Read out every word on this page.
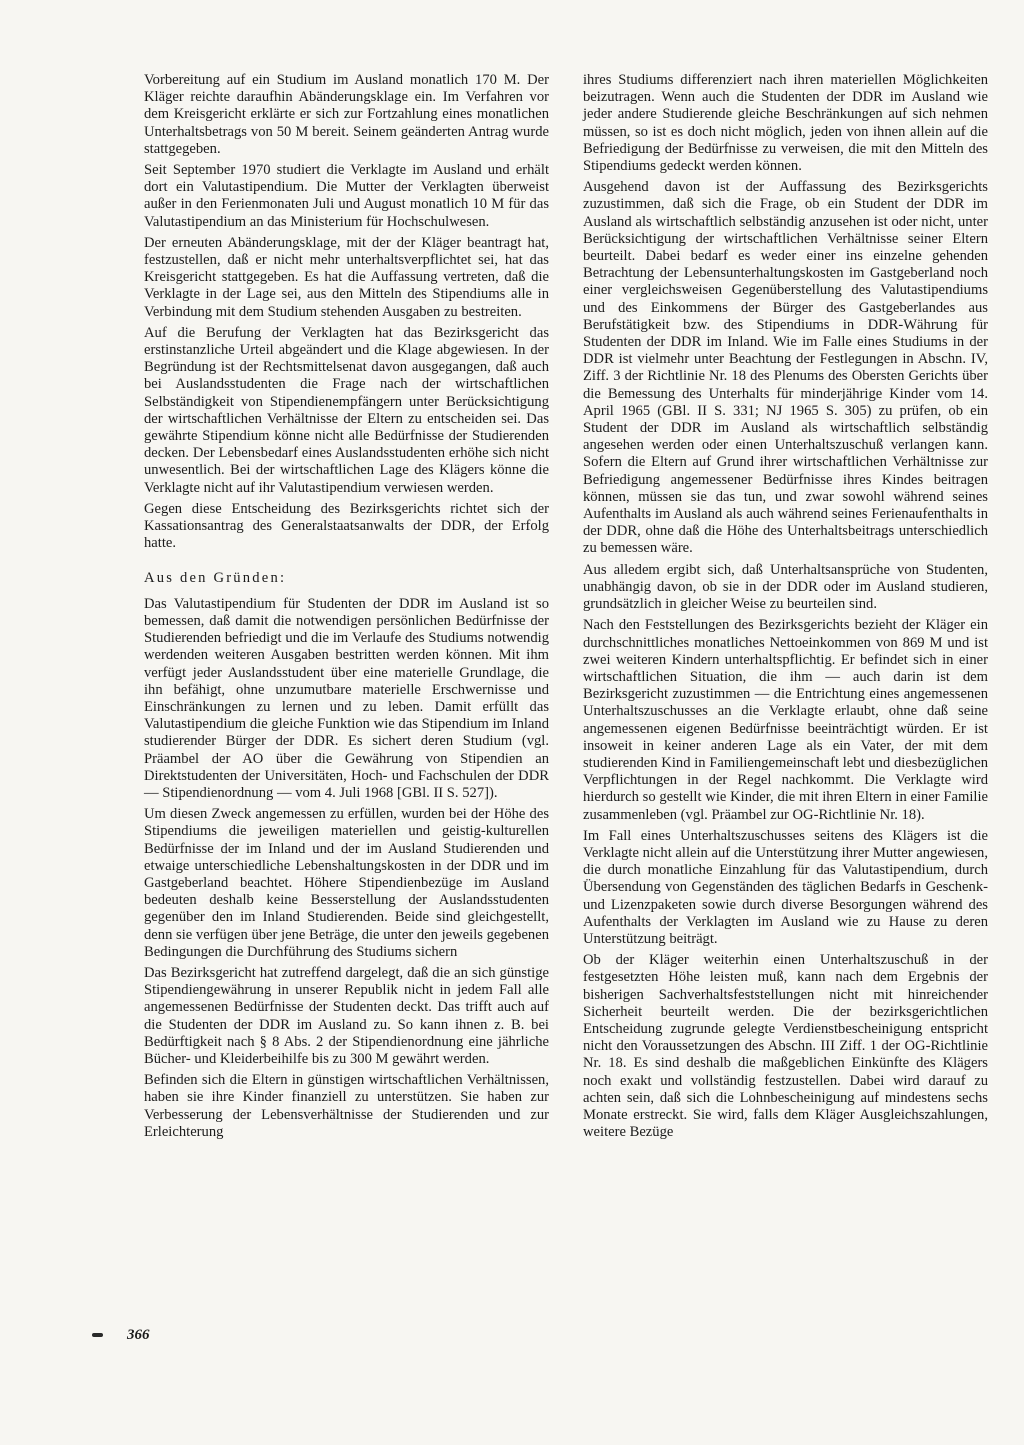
Vorbereitung auf ein Studium im Ausland monatlich 170 M. Der Kläger reichte daraufhin Abänderungsklage ein. Im Verfahren vor dem Kreisgericht erklärte er sich zur Fortzahlung eines monatlichen Unterhaltsbetrags von 50 M bereit. Seinem geänderten Antrag wurde stattgegeben.

Seit September 1970 studiert die Verklagte im Ausland und erhält dort ein Valutastipendium. Die Mutter der Verklagten überweist außer in den Ferienmonaten Juli und August monatlich 10 M für das Valutastipendium an das Ministerium für Hochschulwesen.

Der erneuten Abänderungsklage, mit der der Kläger beantragt hat, festzustellen, daß er nicht mehr unterhaltsverpflichtet sei, hat das Kreisgericht stattgegeben. Es hat die Auffassung vertreten, daß die Verklagte in der Lage sei, aus den Mitteln des Stipendiums alle in Verbindung mit dem Studium stehenden Ausgaben zu bestreiten.

Auf die Berufung der Verklagten hat das Bezirksgericht das erstinstanzliche Urteil abgeändert und die Klage abgewiesen. In der Begründung ist der Rechtsmittelsenat davon ausgegangen, daß auch bei Auslandsstudenten die Frage nach der wirtschaftlichen Selbständigkeit von Stipendienempfängern unter Berücksichtigung der wirtschaftlichen Verhältnisse der Eltern zu entscheiden sei. Das gewährte Stipendium könne nicht alle Bedürfnisse der Studierenden decken. Der Lebensbedarf eines Auslandsstudenten erhöhe sich nicht unwesentlich. Bei der wirtschaftlichen Lage des Klägers könne die Verklagte nicht auf ihr Valutastipendium verwiesen werden.

Gegen diese Entscheidung des Bezirksgerichts richtet sich der Kassationsantrag des Generalstaatsanwalts der DDR, der Erfolg hatte.

Aus den Gründen:

Das Valutastipendium für Studenten der DDR im Ausland ist so bemessen, daß damit die notwendigen persönlichen Bedürfnisse der Studierenden befriedigt und die im Verlaufe des Studiums notwendig werdenden weiteren Ausgaben bestritten werden können. Mit ihm verfügt jeder Auslandsstudent über eine materielle Grundlage, die ihn befähigt, ohne unzumutbare materielle Erschwernisse und Einschränkungen zu lernen und zu leben. Damit erfüllt das Valutastipendium die gleiche Funktion wie das Stipendium im Inland studierender Bürger der DDR. Es sichert deren Studium (vgl. Präambel der AO über die Gewährung von Stipendien an Direktstudenten der Universitäten, Hoch- und Fachschulen der DDR — Stipendienordnung — vom 4. Juli 1968 [GBl. II S. 527]).

Um diesen Zweck angemessen zu erfüllen, wurden bei der Höhe des Stipendiums die jeweiligen materiellen und geistig-kulturellen Bedürfnisse der im Inland und der im Ausland Studierenden und etwaige unterschiedliche Lebenshaltungskosten in der DDR und im Gastgeberland beachtet. Höhere Stipendienbezüge im Ausland bedeuten deshalb keine Besserstellung der Auslandsstudenten gegenüber den im Inland Studierenden. Beide sind gleichgestellt, denn sie verfügen über jene Beträge, die unter den jeweils gegebenen Bedingungen die Durchführung des Studiums sichern

Das Bezirksgericht hat zutreffend dargelegt, daß die an sich günstige Stipendiengewährung in unserer Republik nicht in jedem Fall alle angemessenen Bedürfnisse der Studenten deckt. Das trifft auch auf die Studenten der DDR im Ausland zu. So kann ihnen z. B. bei Bedürftigkeit nach § 8 Abs. 2 der Stipendienordnung eine jährliche Bücher- und Kleiderbeihilfe bis zu 300 M gewährt werden.

Befinden sich die Eltern in günstigen wirtschaftlichen Verhältnissen, haben sie ihre Kinder finanziell zu unterstützen. Sie haben zur Verbesserung der Lebensverhältnisse der Studierenden und zur Erleichterung

ihres Studiums differenziert nach ihren materiellen Möglichkeiten beizutragen. Wenn auch die Studenten der DDR im Ausland wie jeder andere Studierende gleiche Beschränkungen auf sich nehmen müssen, so ist es doch nicht möglich, jeden von ihnen allein auf die Befriedigung der Bedürfnisse zu verweisen, die mit den Mitteln des Stipendiums gedeckt werden können.

Ausgehend davon ist der Auffassung des Bezirksgerichts zuzustimmen, daß sich die Frage, ob ein Student der DDR im Ausland als wirtschaftlich selbständig anzusehen ist oder nicht, unter Berücksichtigung der wirtschaftlichen Verhältnisse seiner Eltern beurteilt. Dabei bedarf es weder einer ins einzelne gehenden Betrachtung der Lebensunterhaltungskosten im Gastgeberland noch einer vergleichsweisen Gegenüberstellung des Valutastipendiums und des Einkommens der Bürger des Gastgeberlandes aus Berufstätigkeit bzw. des Stipendiums in DDR-Währung für Studenten der DDR im Inland. Wie im Falle eines Studiums in der DDR ist vielmehr unter Beachtung der Festlegungen in Abschn. IV, Ziff. 3 der Richtlinie Nr. 18 des Plenums des Obersten Gerichts über die Bemessung des Unterhalts für minderjährige Kinder vom 14. April 1965 (GBl. II S. 331; NJ 1965 S. 305) zu prüfen, ob ein Student der DDR im Ausland als wirtschaftlich selbständig angesehen werden oder einen Unterhaltszuschuß verlangen kann. Sofern die Eltern auf Grund ihrer wirtschaftlichen Verhältnisse zur Befriedigung angemessener Bedürfnisse ihres Kindes beitragen können, müssen sie das tun, und zwar sowohl während seines Aufenthalts im Ausland als auch während seines Ferienaufenthalts in der DDR, ohne daß die Höhe des Unterhaltsbeitrags unterschiedlich zu bemessen wäre.

Aus alledem ergibt sich, daß Unterhaltsansprüche von Studenten, unabhängig davon, ob sie in der DDR oder im Ausland studieren, grundsätzlich in gleicher Weise zu beurteilen sind.

Nach den Feststellungen des Bezirksgerichts bezieht der Kläger ein durchschnittliches monatliches Nettoeinkommen von 869 M und ist zwei weiteren Kindern unterhaltspflichtig. Er befindet sich in einer wirtschaftlichen Situation, die ihm — auch darin ist dem Bezirksgericht zuzustimmen — die Entrichtung eines angemessenen Unterhaltszuschusses an die Verklagte erlaubt, ohne daß seine angemessenen eigenen Bedürfnisse beeinträchtigt würden. Er ist insoweit in keiner anderen Lage als ein Vater, der mit dem studierenden Kind in Familiengemeinschaft lebt und diesbezüglichen Verpflichtungen in der Regel nachkommt. Die Verklagte wird hierdurch so gestellt wie Kinder, die mit ihren Eltern in einer Familie zusammenleben (vgl. Präambel zur OG-Richtlinie Nr. 18).

Im Fall eines Unterhaltszuschusses seitens des Klägers ist die Verklagte nicht allein auf die Unterstützung ihrer Mutter angewiesen, die durch monatliche Einzahlung für das Valutastipendium, durch Übersendung von Gegenständen des täglichen Bedarfs in Geschenk- und Lizenzpaketen sowie durch diverse Besorgungen während des Aufenthalts der Verklagten im Ausland wie zu Hause zu deren Unterstützung beiträgt.

Ob der Kläger weiterhin einen Unterhaltszuschuß in der festgesetzten Höhe leisten muß, kann nach dem Ergebnis der bisherigen Sachverhaltsfeststellungen nicht mit hinreichender Sicherheit beurteilt werden. Die der bezirksgerichtlichen Entscheidung zugrunde gelegte Verdienstbescheinigung entspricht nicht den Voraussetzungen des Abschn. III Ziff. 1 der OG-Richtlinie Nr. 18. Es sind deshalb die maßgeblichen Einkünfte des Klägers noch exakt und vollständig festzustellen. Dabei wird darauf zu achten sein, daß sich die Lohnbescheinigung auf mindestens sechs Monate erstreckt. Sie wird, falls dem Kläger Ausgleichszahlungen, weitere Bezüge

366
